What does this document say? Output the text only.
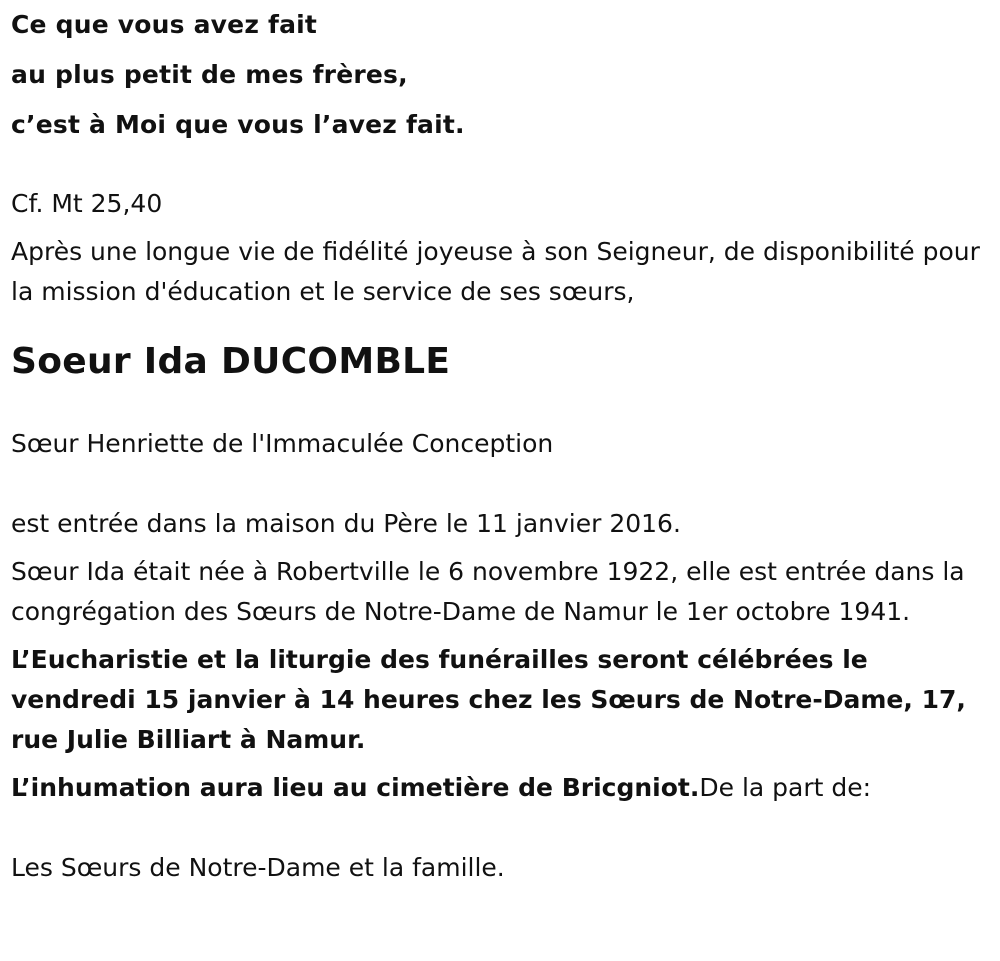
Ce que vous avez fait

au plus petit de mes frères,

c’est à Moi que vous l’avez fait.

Cf. Mt 25,40

Après une longue vie de fidélité joyeuse à son Seigneur, de disponibilité pour la mission d'éducation et le service de ses sœurs,

Soeur Ida DUCOMBLE

Sœur Henriette de l'Immaculée Conception

est entrée dans la maison du Père le 11 janvier 2016.

Sœur Ida était née à Robertville le 6 novembre 1922, elle est entrée dans la congrégation des Sœurs de Notre-Dame de Namur le 1er octobre 1941.

L’Eucharistie et la liturgie des funérailles seront célébrées le vendredi 15 janvier à 14 heures chez les Sœurs de Notre-Dame, 17, rue Julie Billiart à Namur.

L’inhumation aura lieu au cimetière de Bricgniot.De la part de:

Les Sœurs de Notre-Dame et la famille.
